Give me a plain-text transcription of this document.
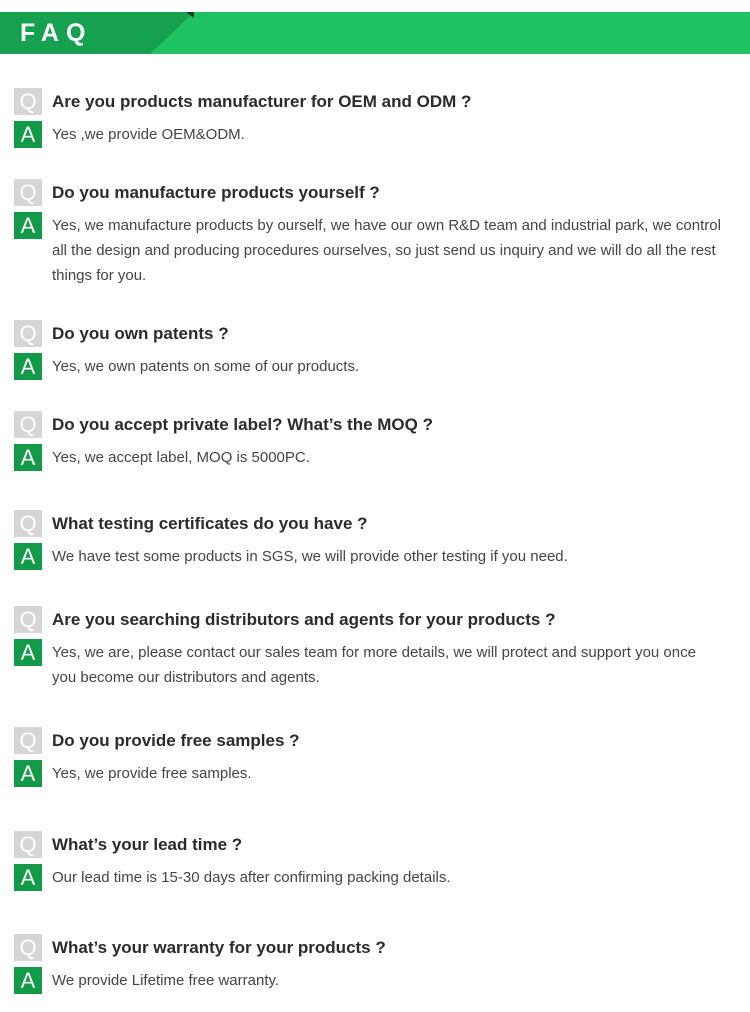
FAQ
Q Are you products manufacturer for OEM and ODM ?
A	Yes ,we provide OEM&ODM.
Q Do you manufacture products yourself ?
A	Yes, we manufacture products by ourself, we have our own R&D team and industrial park, we control all the design and producing procedures ourselves, so just send us inquiry and we will do all the rest things for you.
Q Do you own patents ?
A	Yes, we own patents on some of our products.
Q Do you accept private label? What’s the MOQ ?
A	Yes, we accept label, MOQ is 5000PC.
Q What testing certificates do you have ?
A	We have test some products in SGS, we will provide other testing if you need.
Q Are you searching distributors and agents for your products ?
A	Yes, we are, please contact our sales team for more details, we will protect and support you once you become our distributors and agents.
Q Do you provide free samples ?
A	Yes, we provide free samples.
Q What’s your lead time ?
A	Our lead time is 15-30 days after confirming packing details.
Q What’s your warranty for your products ?
A	We provide Lifetime free warranty.
